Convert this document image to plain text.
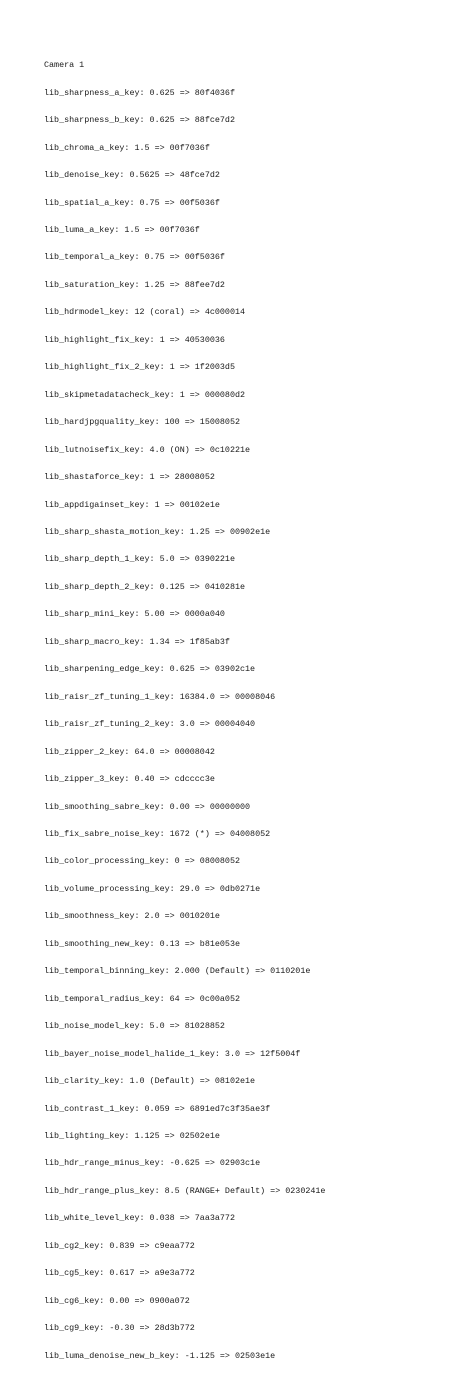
Camera 1

lib_sharpness_a_key: 0.625 => 80f4036f

lib_sharpness_b_key: 0.625 => 88fce7d2

lib_chroma_a_key: 1.5 => 00f7036f

lib_denoise_key: 0.5625 => 48fce7d2

lib_spatial_a_key: 0.75 => 00f5036f

lib_luma_a_key: 1.5 => 00f7036f

lib_temporal_a_key: 0.75 => 00f5036f

lib_saturation_key: 1.25 => 88fee7d2

lib_hdrmodel_key: 12 (coral) => 4c000014

lib_highlight_fix_key: 1 => 40530036

lib_highlight_fix_2_key: 1 => 1f2003d5

lib_skipmetadatacheck_key: 1 => 000080d2

lib_hardjpgquality_key: 100 => 15008052

lib_lutnoisefix_key: 4.0 (ON) => 0c10221e

lib_shastaforce_key: 1 => 28008052

lib_appdigainset_key: 1 => 00102e1e

lib_sharp_shasta_motion_key: 1.25 => 00902e1e

lib_sharp_depth_1_key: 5.0 => 0390221e

lib_sharp_depth_2_key: 0.125 => 0410281e

lib_sharp_mini_key: 5.00 => 0000a040

lib_sharp_macro_key: 1.34 => 1f85ab3f

lib_sharpening_edge_key: 0.625 => 03902c1e

lib_raisr_zf_tuning_1_key: 16384.0 => 00008046

lib_raisr_zf_tuning_2_key: 3.0 => 00004040

lib_zipper_2_key: 64.0 => 00008042

lib_zipper_3_key: 0.40 => cdcccc3e

lib_smoothing_sabre_key: 0.00 => 00000000

lib_fix_sabre_noise_key: 1672 (*) => 04008052

lib_color_processing_key: 0 => 08008052

lib_volume_processing_key: 29.0 => 0db0271e

lib_smoothness_key: 2.0 => 0010201e

lib_smoothing_new_key: 0.13 => b81e053e

lib_temporal_binning_key: 2.000 (Default) => 0110201e

lib_temporal_radius_key: 64 => 0c00a052

lib_noise_model_key: 5.0 => 81028852

lib_bayer_noise_model_halide_1_key: 3.0 => 12f5004f

lib_clarity_key: 1.0 (Default) => 08102e1e

lib_contrast_1_key: 0.059 => 6891ed7c3f35ae3f

lib_lighting_key: 1.125 => 02502e1e

lib_hdr_range_minus_key: -0.625 => 02903c1e

lib_hdr_range_plus_key: 8.5 (RANGE+ Default) => 0230241e

lib_white_level_key: 0.038 => 7aa3a772

lib_cg2_key: 0.839 => c9eaa772

lib_cg5_key: 0.617 => a9e3a772

lib_cg6_key: 0.00 => 0900a072

lib_cg9_key: -0.30 => 28d3b772

lib_luma_denoise_new_b_key: -1.125 => 02503e1e
